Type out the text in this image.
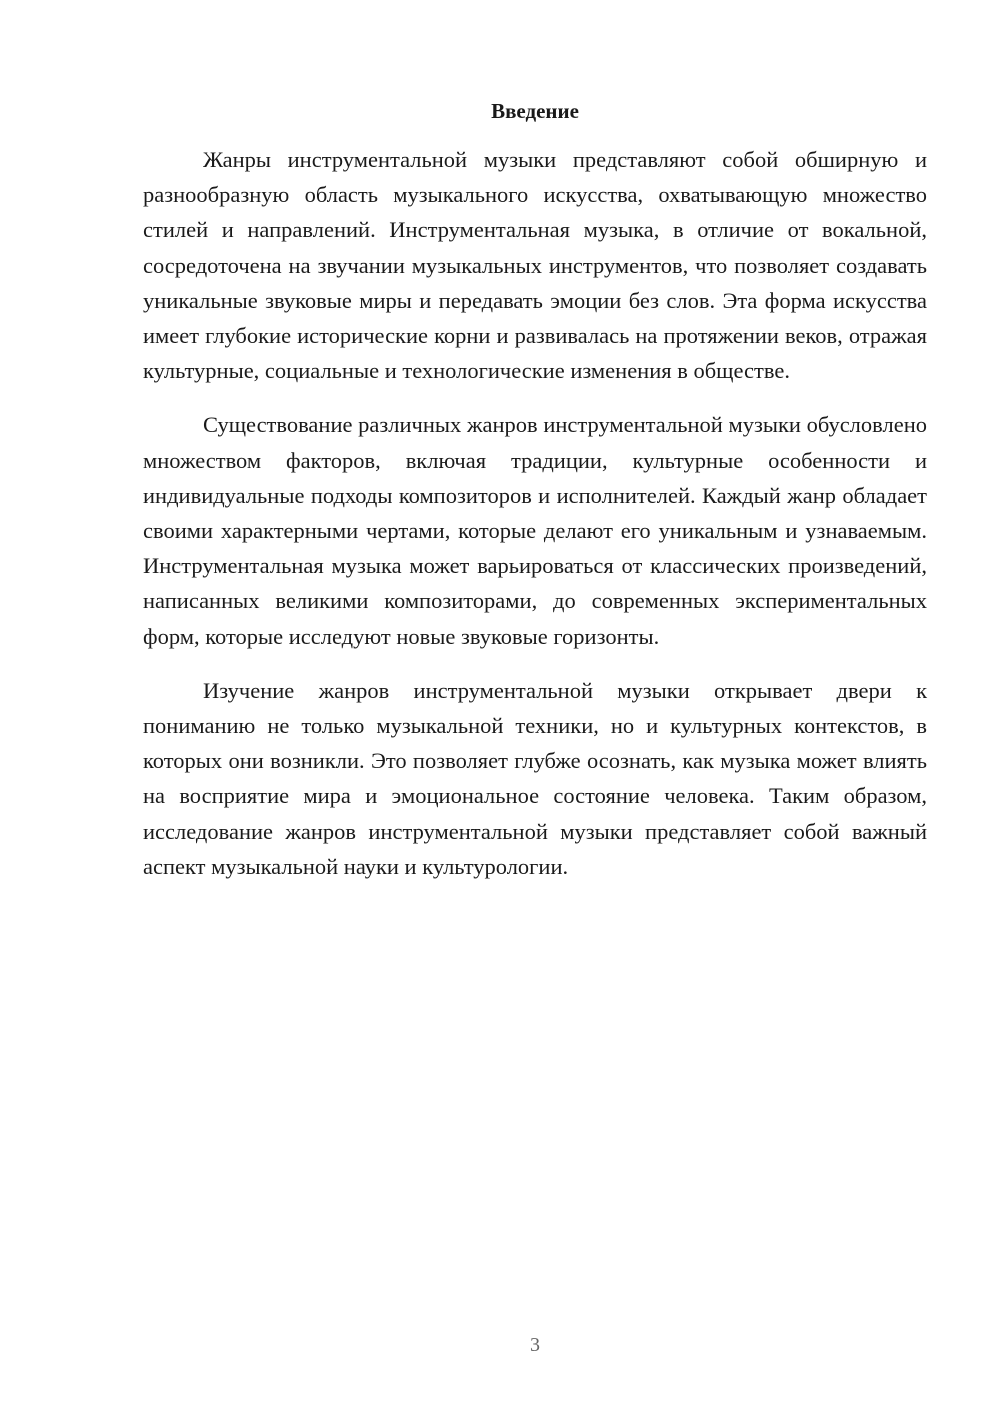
Введение

Жанры инструментальной музыки представляют собой обширную и разнообразную область музыкального искусства, охватывающую множество стилей и направлений. Инструментальная музыка, в отличие от вокальной, сосредоточена на звучании музыкальных инструментов, что позволяет создавать уникальные звуковые миры и передавать эмоции без слов. Эта форма искусства имеет глубокие исторические корни и развивалась на протяжении веков, отражая культурные, социальные и технологические изменения в обществе.

Существование различных жанров инструментальной музыки обусловлено множеством факторов, включая традиции, культурные особенности и индивидуальные подходы композиторов и исполнителей. Каждый жанр обладает своими характерными чертами, которые делают его уникальным и узнаваемым. Инструментальная музыка может варьироваться от классических произведений, написанных великими композиторами, до современных экспериментальных форм, которые исследуют новые звуковые горизонты.

Изучение жанров инструментальной музыки открывает двери к пониманию не только музыкальной техники, но и культурных контекстов, в которых они возникли. Это позволяет глубже осознать, как музыка может влиять на восприятие мира и эмоциональное состояние человека. Таким образом, исследование жанров инструментальной музыки представляет собой важный аспект музыкальной науки и культурологии.

3
